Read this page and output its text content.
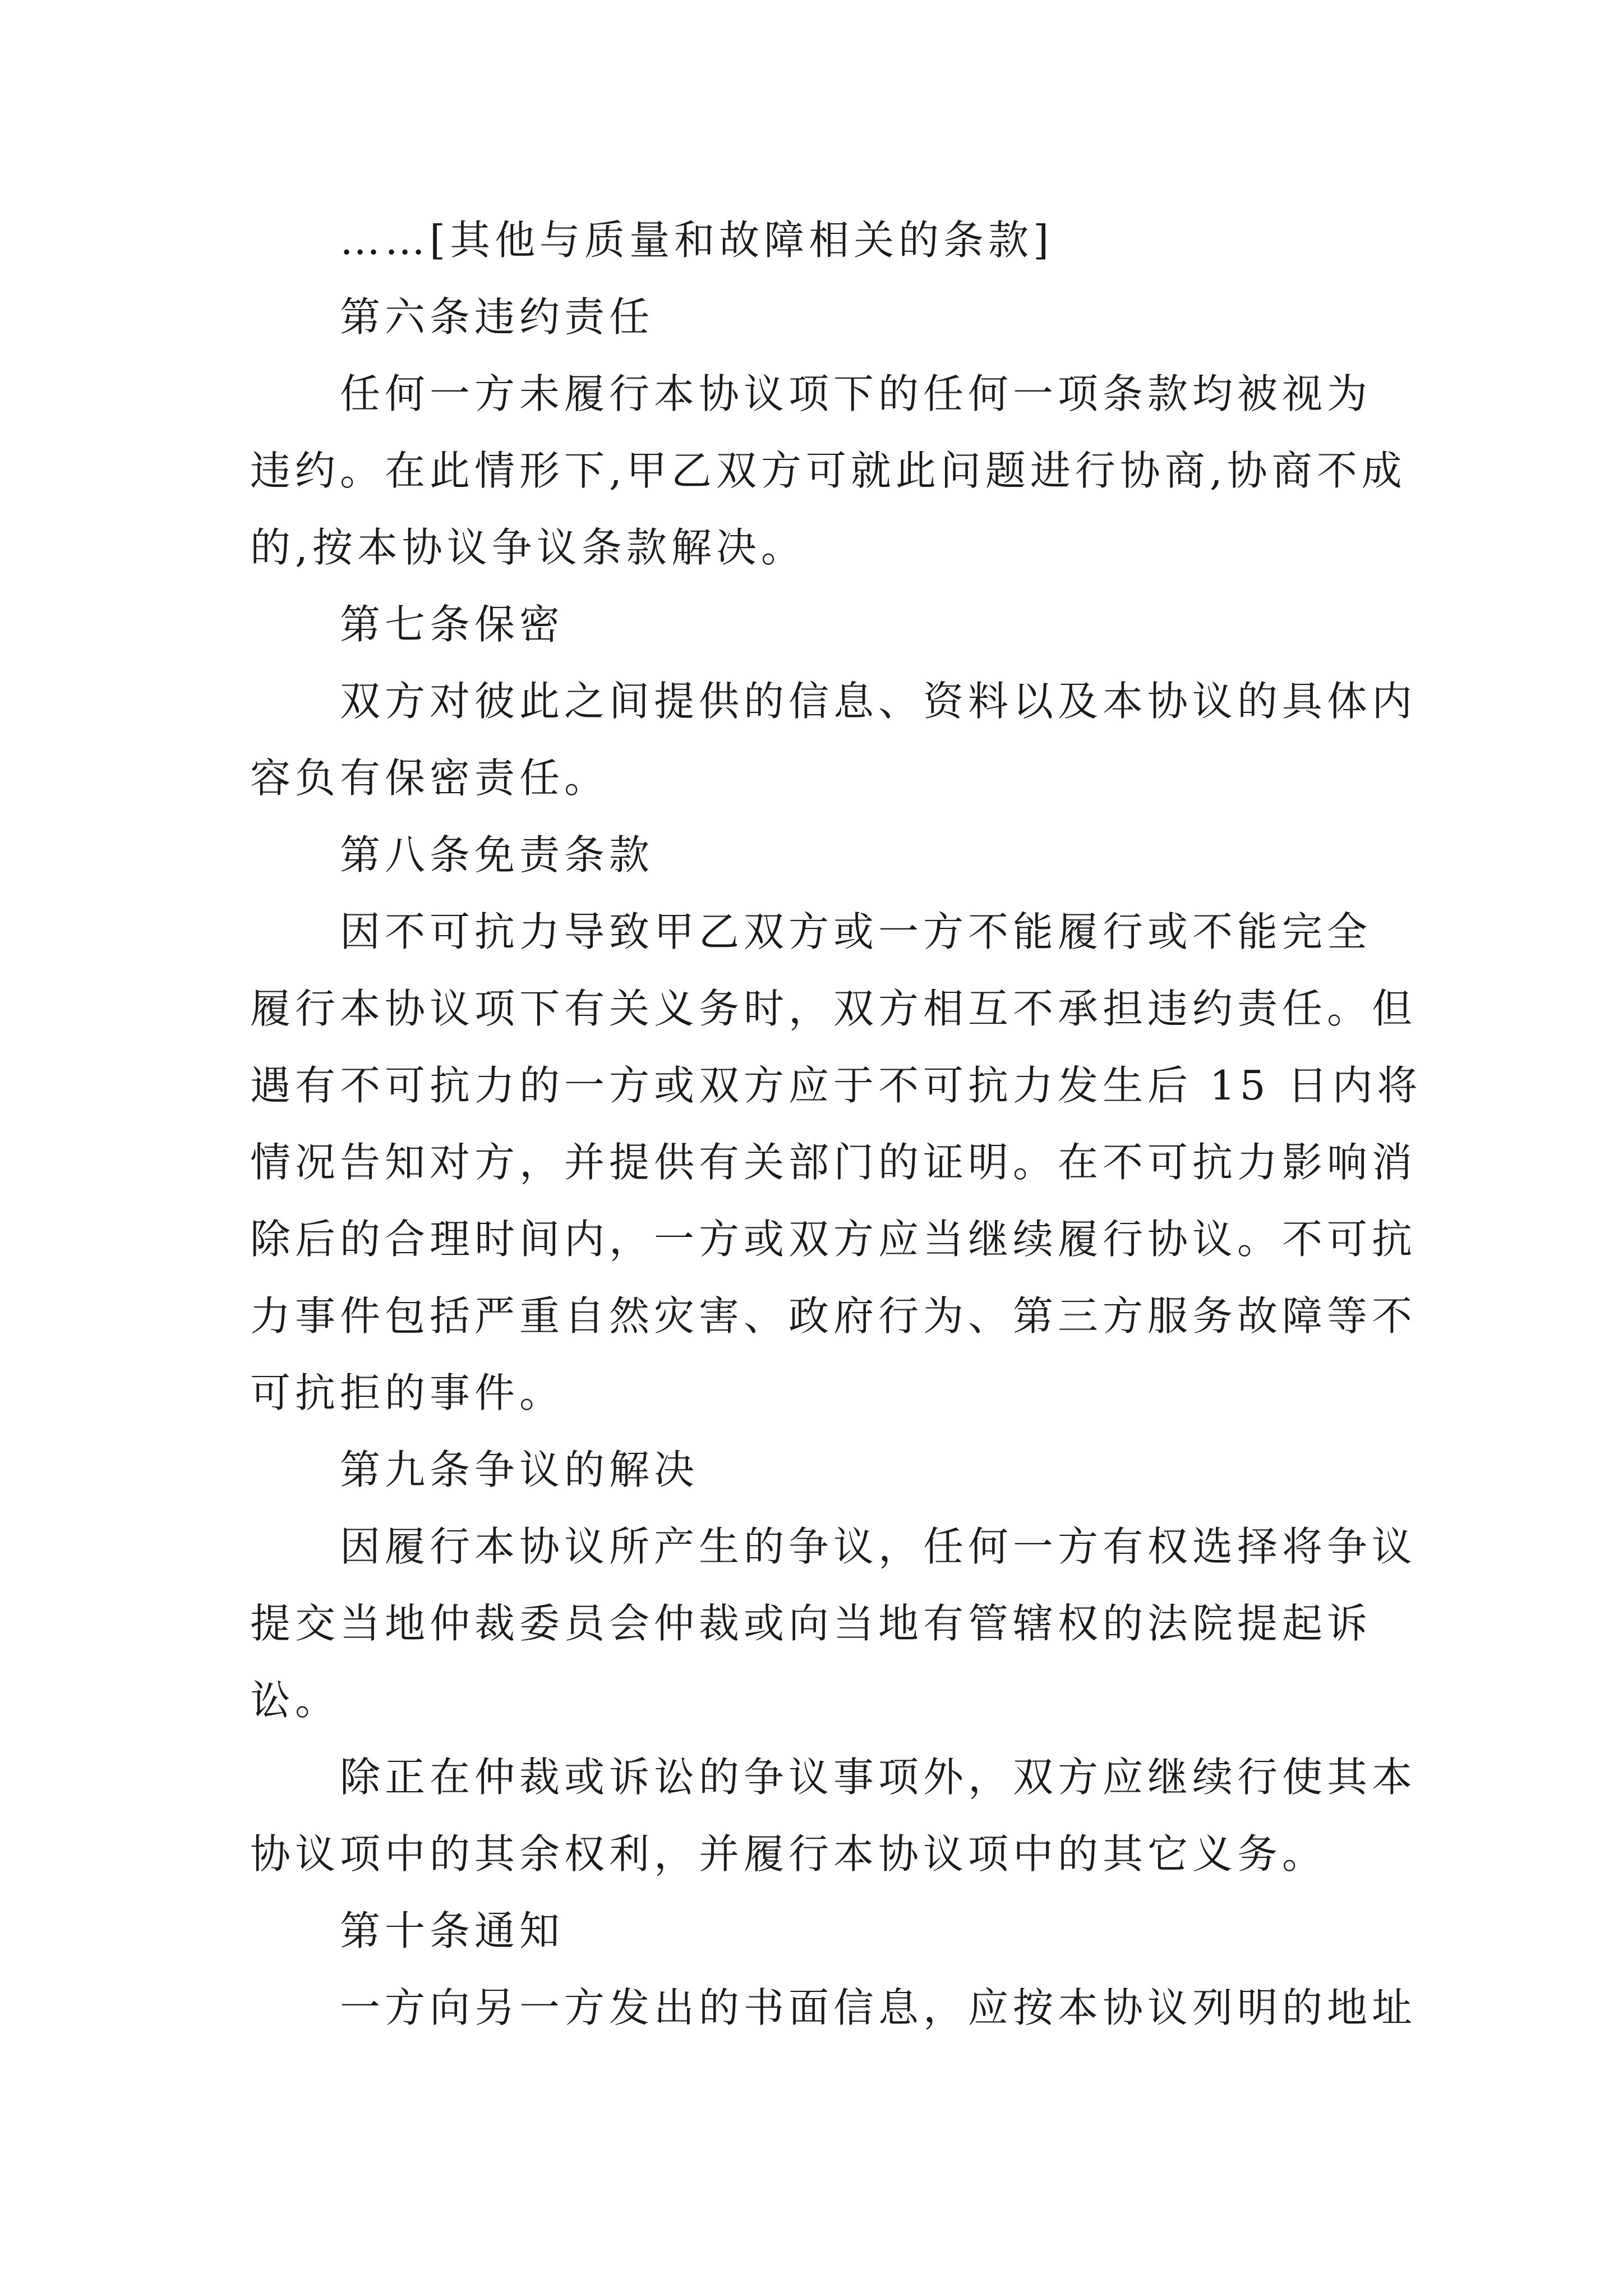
……[其他与质量和故障相关的条款]
第六条违约责任
任何一方未履行本协议项下的任何一项条款均被视为
违约。在此情形下,甲乙双方可就此问题进行协商,协商不成
的,按本协议争议条款解决。
第七条保密
双方对彼此之间提供的信息、资料以及本协议的具体内
容负有保密责任。
第八条免责条款
因不可抗力导致甲乙双方或一方不能履行或不能完全
履行本协议项下有关义务时，双方相互不承担违约责任。但
遇有不可抗力的一方或双方应于不可抗力发生后 15 日内将
情况告知对方，并提供有关部门的证明。在不可抗力影响消
除后的合理时间内，一方或双方应当继续履行协议。不可抗
力事件包括严重自然灾害、政府行为、第三方服务故障等不
可抗拒的事件。
第九条争议的解决
因履行本协议所产生的争议，任何一方有权选择将争议
提交当地仲裁委员会仲裁或向当地有管辖权的法院提起诉
讼。
除正在仲裁或诉讼的争议事项外，双方应继续行使其本
协议项中的其余权利，并履行本协议项中的其它义务。
第十条通知
一方向另一方发出的书面信息，应按本协议列明的地址
